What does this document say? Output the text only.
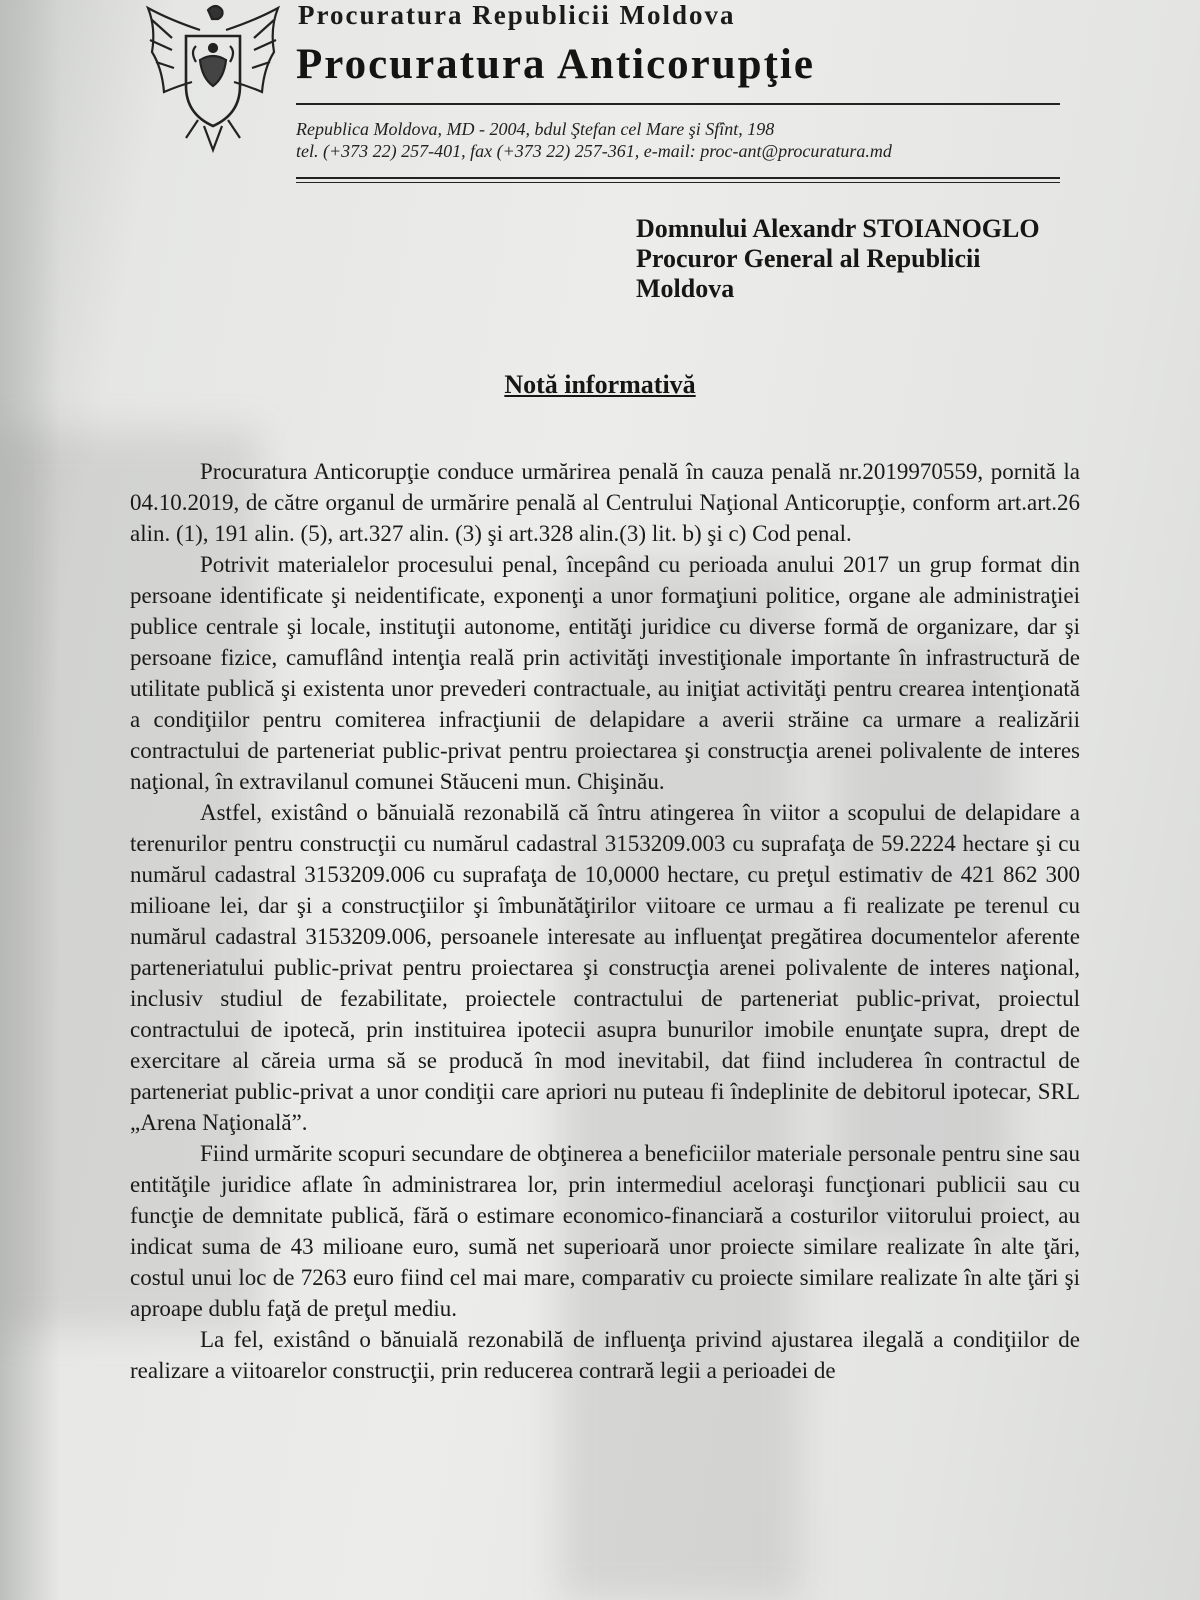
Procuratura Republicii Moldova
Procuratura Anticorupţie
Republica Moldova, MD - 2004, bdul Ştefan cel Mare şi Sfînt, 198
tel. (+373 22) 257-401, fax (+373 22) 257-361, e-mail: proc-ant@procuratura.md
Domnului Alexandr STOIANOGLO
Procuror General al Republicii
Moldova
Notă informativă

Procuratura Anticorupţie conduce urmărirea penală în cauza penală nr.2019970559, pornită la 04.10.2019, de către organul de urmărire penală al Centrului Naţional Anticorupţie, conform art.art.26 alin. (1), 191 alin. (5), art.327 alin. (3) şi art.328 alin.(3) lit. b) şi c) Cod penal.

Potrivit materialelor procesului penal, începând cu perioada anului 2017 un grup format din persoane identificate şi neidentificate, exponenţi a unor formaţiuni politice, organe ale administraţiei publice centrale şi locale, instituţii autonome, entităţi juridice cu diverse formă de organizare, dar şi persoane fizice, camuflând intenţia reală prin activităţi investiţionale importante în infrastructură de utilitate publică şi existenta unor prevederi contractuale, au iniţiat activităţi pentru crearea intenţionată a condiţiilor pentru comiterea infracţiunii de delapidare a averii străine ca urmare a realizării contractului de parteneriat public-privat pentru proiectarea şi construcţia arenei polivalente de interes naţional, în extravilanul comunei Stăuceni mun. Chişinău.

Astfel, existând o bănuială rezonabilă că întru atingerea în viitor a scopului de delapidare a terenurilor pentru construcţii cu numărul cadastral 3153209.003 cu suprafaţa de 59.2224 hectare şi cu numărul cadastral 3153209.006 cu suprafaţa de 10,0000 hectare, cu preţul estimativ de 421 862 300 milioane lei, dar şi a construcţiilor şi îmbunătăţirilor viitoare ce urmau a fi realizate pe terenul cu numărul cadastral 3153209.006, persoanele interesate au influenţat pregătirea documentelor aferente parteneriatului public-privat pentru proiectarea şi construcţia arenei polivalente de interes naţional, inclusiv studiul de fezabilitate, proiectele contractului de parteneriat public-privat, proiectul contractului de ipotecă, prin instituirea ipotecii asupra bunurilor imobile enunţate supra, drept de exercitare al căreia urma să se producă în mod inevitabil, dat fiind includerea în contractul de parteneriat public-privat a unor condiţii care apriori nu puteau fi îndeplinite de debitorul ipotecar, SRL „Arena Naţională”.

Fiind urmărite scopuri secundare de obţinerea a beneficiilor materiale personale pentru sine sau entităţile juridice aflate în administrarea lor, prin intermediul aceloraşi funcţionari publicii sau cu funcţie de demnitate publică, fără o estimare economico-financiară a costurilor viitorului proiect, au indicat suma de 43 milioane euro, sumă net superioară unor proiecte similare realizate în alte ţări, costul unui loc de 7263 euro fiind cel mai mare, comparativ cu proiecte similare realizate în alte ţări şi aproape dublu faţă de preţul mediu.

La fel, existând o bănuială rezonabilă de influenţa privind ajustarea ilegală a condiţiilor de realizare a viitoarelor construcţii, prin reducerea contrară legii a perioadei de
